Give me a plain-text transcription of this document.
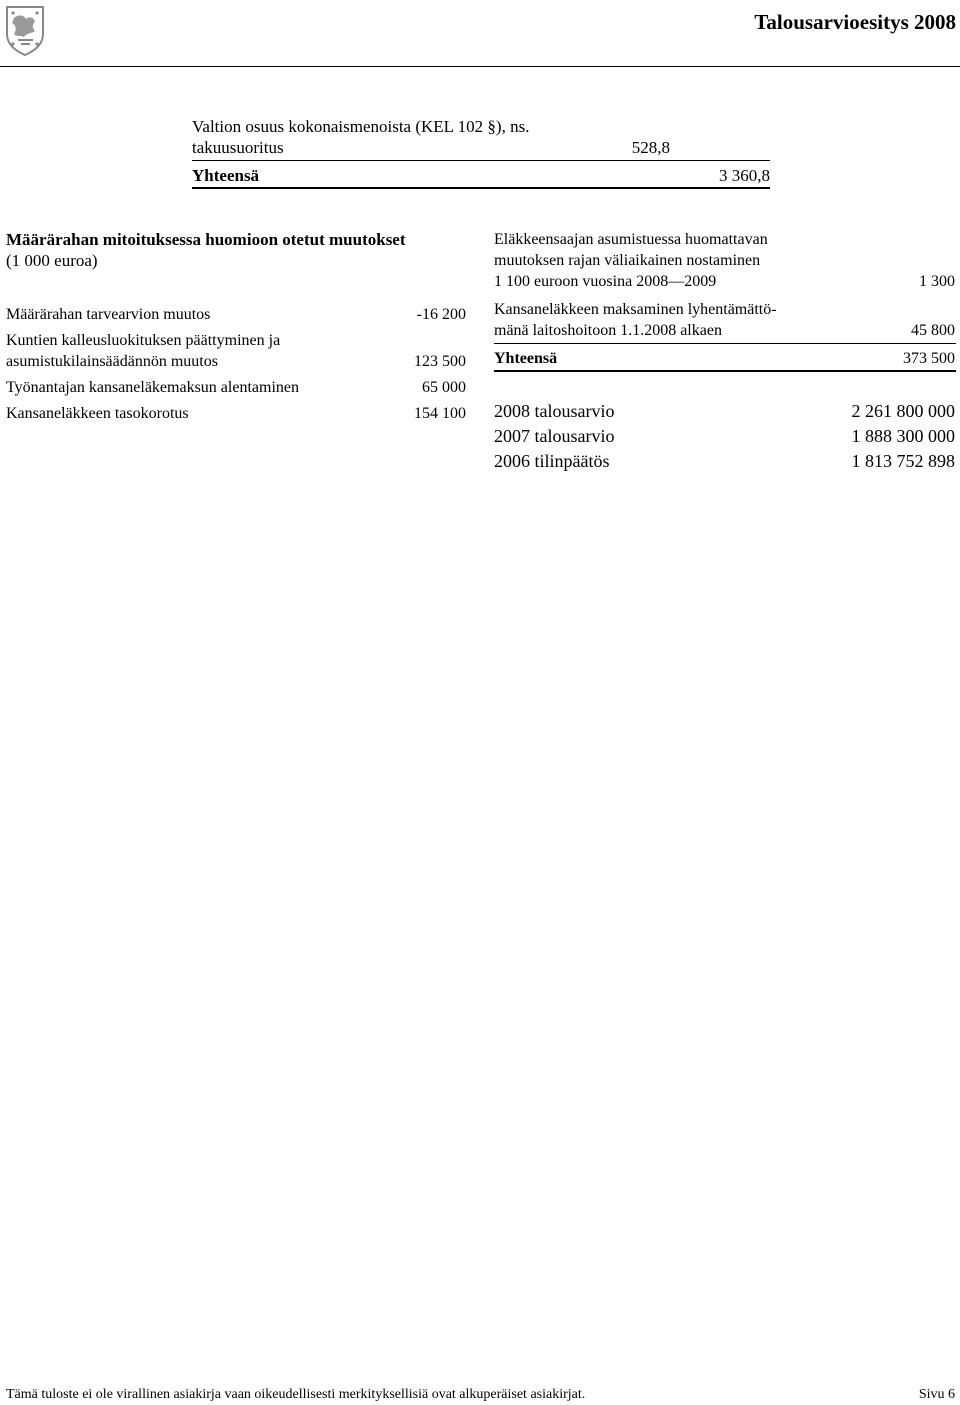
Talousarvioesitys 2008
Valtion osuus kokonaismenoista (KEL 102 §), ns.
takuusuoritus	528,8
Yhteensä	3 360,8
Määrärahan mitoituksessa huomioon otetut muutokset
(1 000 euroa)
Määrärahan tarvearvion muutos	-16 200
Kuntien kalleusluokituksen päättyminen ja
asumistukilainsäädännön muutos	123 500
Työnantajan kansaneläkemaksun alentaminen	65 000
Kansaneläkkeen tasokorotus	154 100
Eläkkeensaajan asumistuessa huomattavan
muutoksen rajan väliaikainen nostaminen
1 100 euroon vuosina 2008—2009	1 300
Kansaneläkkeen maksaminen lyhentämättö-
mänä laitoshoitoon 1.1.2008 alkaen	45 800
Yhteensä	373 500
2008 talousarvio	2 261 800 000
2007 talousarvio	1 888 300 000
2006 tilinpäätös	1 813 752 898
Tämä tuloste ei ole virallinen asiakirja vaan oikeudellisesti merkityksellisiä ovat alkuperäiset asiakirjat.	Sivu 6
